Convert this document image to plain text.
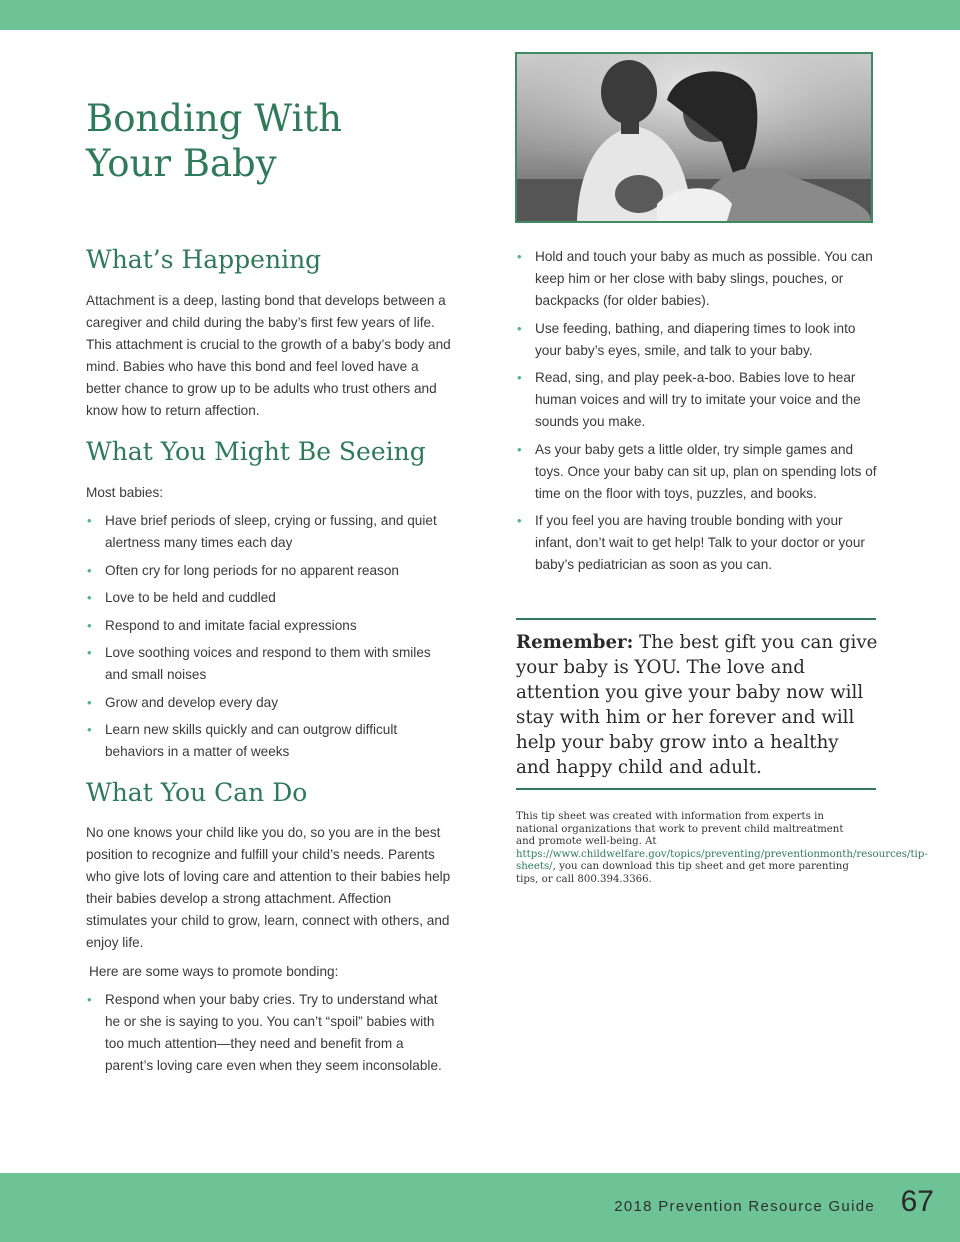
Bonding With
Your Baby
What’s Happening

Attachment is a deep, lasting bond that develops between a caregiver and child during the baby’s first few years of life. This attachment is crucial to the growth of a baby’s body and mind. Babies who have this bond and feel loved have a better chance to grow up to be adults who trust others and know how to return affection.

What You Might Be Seeing

Most babies:

• Have brief periods of sleep, crying or fussing, and quiet alertness many times each day
• Often cry for long periods for no apparent reason
• Love to be held and cuddled
• Respond to and imitate facial expressions
• Love soothing voices and respond to them with smiles and small noises
• Grow and develop every day
• Learn new skills quickly and can outgrow difficult behaviors in a matter of weeks
What You Can Do

No one knows your child like you do, so you are in the best position to recognize and fulfill your child’s needs. Parents who give lots of loving care and attention to their babies help their babies develop a strong attachment. Affection stimulates your child to grow, learn, connect with others, and enjoy life.

Here are some ways to promote bonding:

• Respond when your baby cries. Try to understand what he or she is saying to you. You can’t “spoil” babies with too much attention—they need and benefit from a parent’s loving care even when they seem inconsolable.
• Hold and touch your baby as much as possible. You can keep him or her close with baby slings, pouches, or backpacks (for older babies).
• Use feeding, bathing, and diapering times to look into your baby’s eyes, smile, and talk to your baby.
• Read, sing, and play peek-a-boo. Babies love to hear human voices and will try to imitate your voice and the sounds you make.
• As your baby gets a little older, try simple games and toys. Once your baby can sit up, plan on spending lots of time on the floor with toys, puzzles, and books.
• If you feel you are having trouble bonding with your infant, don’t wait to get help! Talk to your doctor or your baby’s pediatrician as soon as you can.

Remember: The best gift you can give your baby is YOU. The love and attention you give your baby now will stay with him or her forever and will help your baby grow into a healthy and happy child and adult.

This tip sheet was created with information from experts in national organizations that work to prevent child maltreatment and promote well-being. At https://www.childwelfare.gov/topics/preventing/preventionmonth/resources/tip-sheets/, you can download this tip sheet and get more parenting tips, or call 800.394.3366.

2018 Prevention Resource Guide 67
